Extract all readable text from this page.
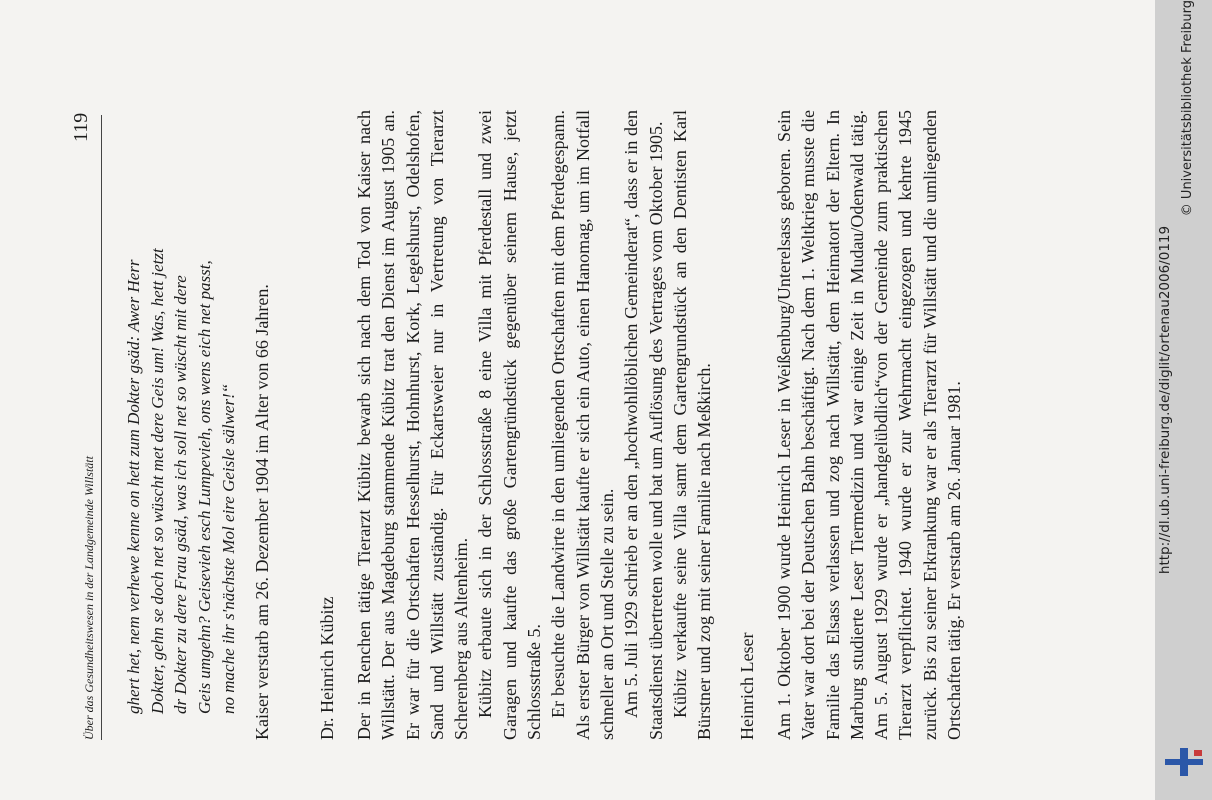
Über das Gesundheitswesen in der Landgemeinde Willstätt
119
ghert het, nem verhewe kenne on hett zum Dokter gsäd: Awer Herr Dokter, gehn se doch net so wüscht met dere Geis um! Was, hett jetzt dr Dokter zu dere Frau gsäd, was ich soll net so wüscht mit dere Geis umgehn? Geisevieh esch Lumpevieh, ons wens eich net passt, no mache ihr s'nächste Mol eire Geisle sälwer!“ Kaiser verstarb am 26. Dezember 1904 im Alter von 66 Jahren.	Dr. Heinrich Kübitz Der in Renchen tätige Tierarzt Kübitz bewarb sich nach dem Tod von Kaiser nach Willstätt. Der aus Magdeburg stammende Kübitz trat den Dienst im August 1905 an. Er war für die Ortschaften Hesselhurst, Hohnhurst, Kork, Legelshurst, Odelshofen, Sand und Willstätt zuständig. Für Eckartsweier nur in Vertretung von Tierarzt Scherenberg aus Altenheim. Kübitz erbaute sich in der Schlossstraße 8 eine Villa mit Pferdestall und zwei Garagen und kaufte das große Gartengründstück gegenüber seinem Hause, jetzt Schlossstraße 5. Er besuchte die Landwirte in den umliegenden Ortschaften mit dem Pferdegespann. Als erster Bürger von Willstätt kaufte er sich ein Auto, einen Hanomag, um im Notfall schneller an Ort und Stelle zu sein. Am 5. Juli 1929 schrieb er an den „hochwohllöblichen Gemeinderat“, dass er in den Staatsdienst übertreten wolle und bat um Auflösung des Vertrages vom Oktober 1905. Kübitz verkaufte seine Villa samt dem Gartengrundstück an den Dentisten Karl Bürstner und zog mit seiner Familie nach Meßkirch. Heinrich Leser Am 1. Oktober 1900 wurde Heinrich Leser in Weißenburg/Unterelsass geboren. Sein Vater war dort bei der Deutschen Bahn beschäftigt. Nach dem 1. Weltkrieg musste die Familie das Elsass verlassen und zog nach Willstätt, dem Heimatort der Eltern. In Marburg studierte Leser Tiermedizin und war einige Zeit in Mudau/Odenwald tätig. Am 5. August 1929 wurde er „handgelübdlich“von der Gemeinde zum praktischen Tierarzt verpflichtet. 1940 wurde er zur Wehrmacht eingezogen und kehrte 1945 zurück. Bis zu seiner Erkrankung war er als Tierarzt für Willstätt und die umliegenden Ortschaften tätig. Er verstarb am 26. Januar 1981.	http://dl.ub.uni-freiburg.de/diglit/ortenau2006/0119
© Universitätsbibliothek Freiburg
